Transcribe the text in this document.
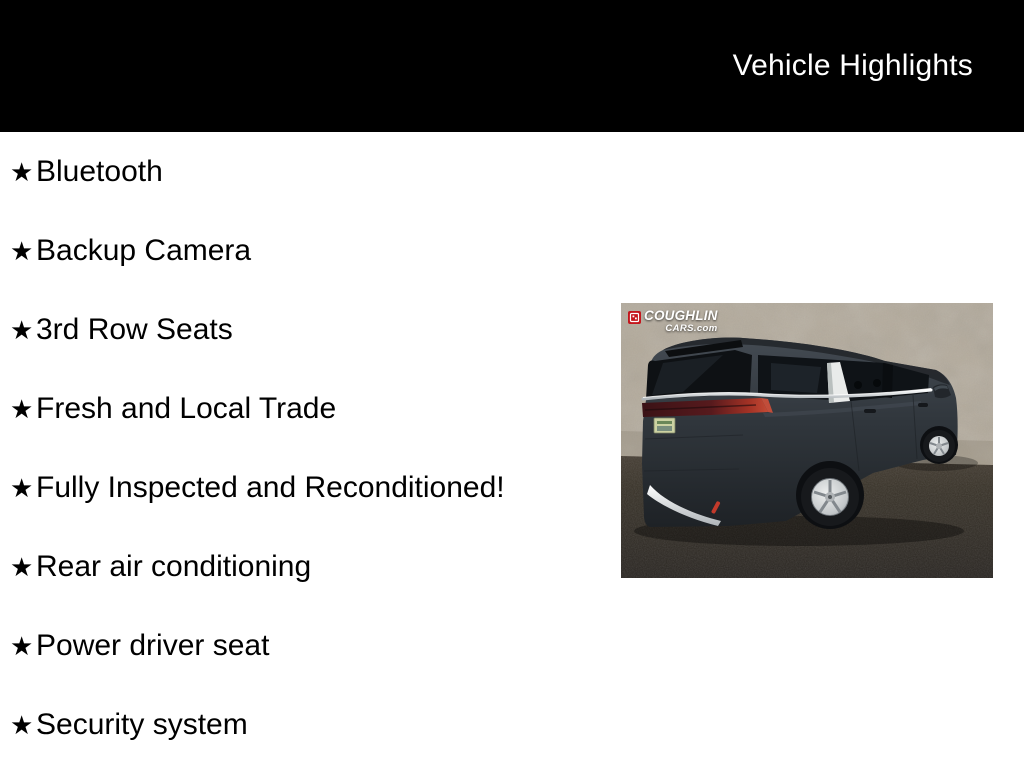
Vehicle Highlights
★ Bluetooth
★ Backup Camera
★ 3rd Row Seats
★ Fresh and Local Trade
★ Fully Inspected and Reconditioned!
★ Rear air conditioning
★ Power driver seat
★ Security system
COUGHLIN
CARS.com
